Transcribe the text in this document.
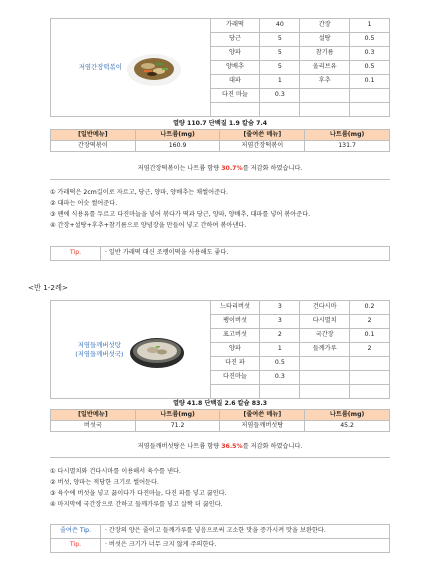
저염간장떡볶이	가래떡	40	간장	1
	당근	5	설탕	0.5
	양파	5	참기름	0.3
	양배추	5	올리브유	0.5
	대파	1	후추	0.1
	다진 마늘	0.3		

열량 110.7 단백질 1.9 칼슘 7.4
[일반메뉴]	나트륨(mg)	[줄여쓴 메뉴]	나트륨(mg)
간장떡볶이	160.9	저염간장떡볶이	131.7
저염간장떡볶이는 나트륨 함량 30.7%를 저감화 하였습니다.
① 가래떡은 2cm길이로 자르고, 당근, 양파, 양배추는 채썰어준다.
② 대파는 어슷 썰어준다.
③ 팬에 식용유를 두르고 다진마늘을 넣어 볶다가 떡과 당근, 양파, 양배추, 대파를 넣어 볶아준다.
④ 간장+설탕+후추+참기름으로 양념장을 만들어 넣고 간하여 볶아낸다.
Tip.	· 일반 가래떡 대신 조랭이떡을 사용해도 좋다.
<반 1-2례>
저염들깨버섯탕
(저염들깨버섯국)	느타리버섯	3	건다시마	0.2
	팽이버섯	3	다시멸치	2
	표고버섯	2	국간장	0.1
	양파	1	들깨가루	2
	다진 파	0.5		
	다진마늘	0.3		

열량 41.8 단백질 2.6 칼슘 83.3
[일반메뉴]	나트륨(mg)	[줄여쓴 메뉴]	나트륨(mg)
버섯국	71.2	저염들깨버섯탕	45.2
저염들깨버섯탕은 나트륨 함량 36.5%를 저감화 하였습니다.
① 다시멸치와 건다시마를 이용해서 육수를 낸다.
② 버섯, 양파는 적당한 크기로 썰어둔다.
③ 육수에 버섯을 넣고 끓이다가 다진마늘, 다진 파를 넣고 끓인다.
④ 마지막에 국간장으로 간하고 들깨가루를 넣고 살짝 더 끓인다.
줄여쓴 Tip.	· 간장의 양은 줄이고 들깨가루를 넣음으로써 고소한 맛을 증가시켜 맛을 보완한다.
Tip.	· 버섯은 크기가 너무 크지 않게 주의한다.
